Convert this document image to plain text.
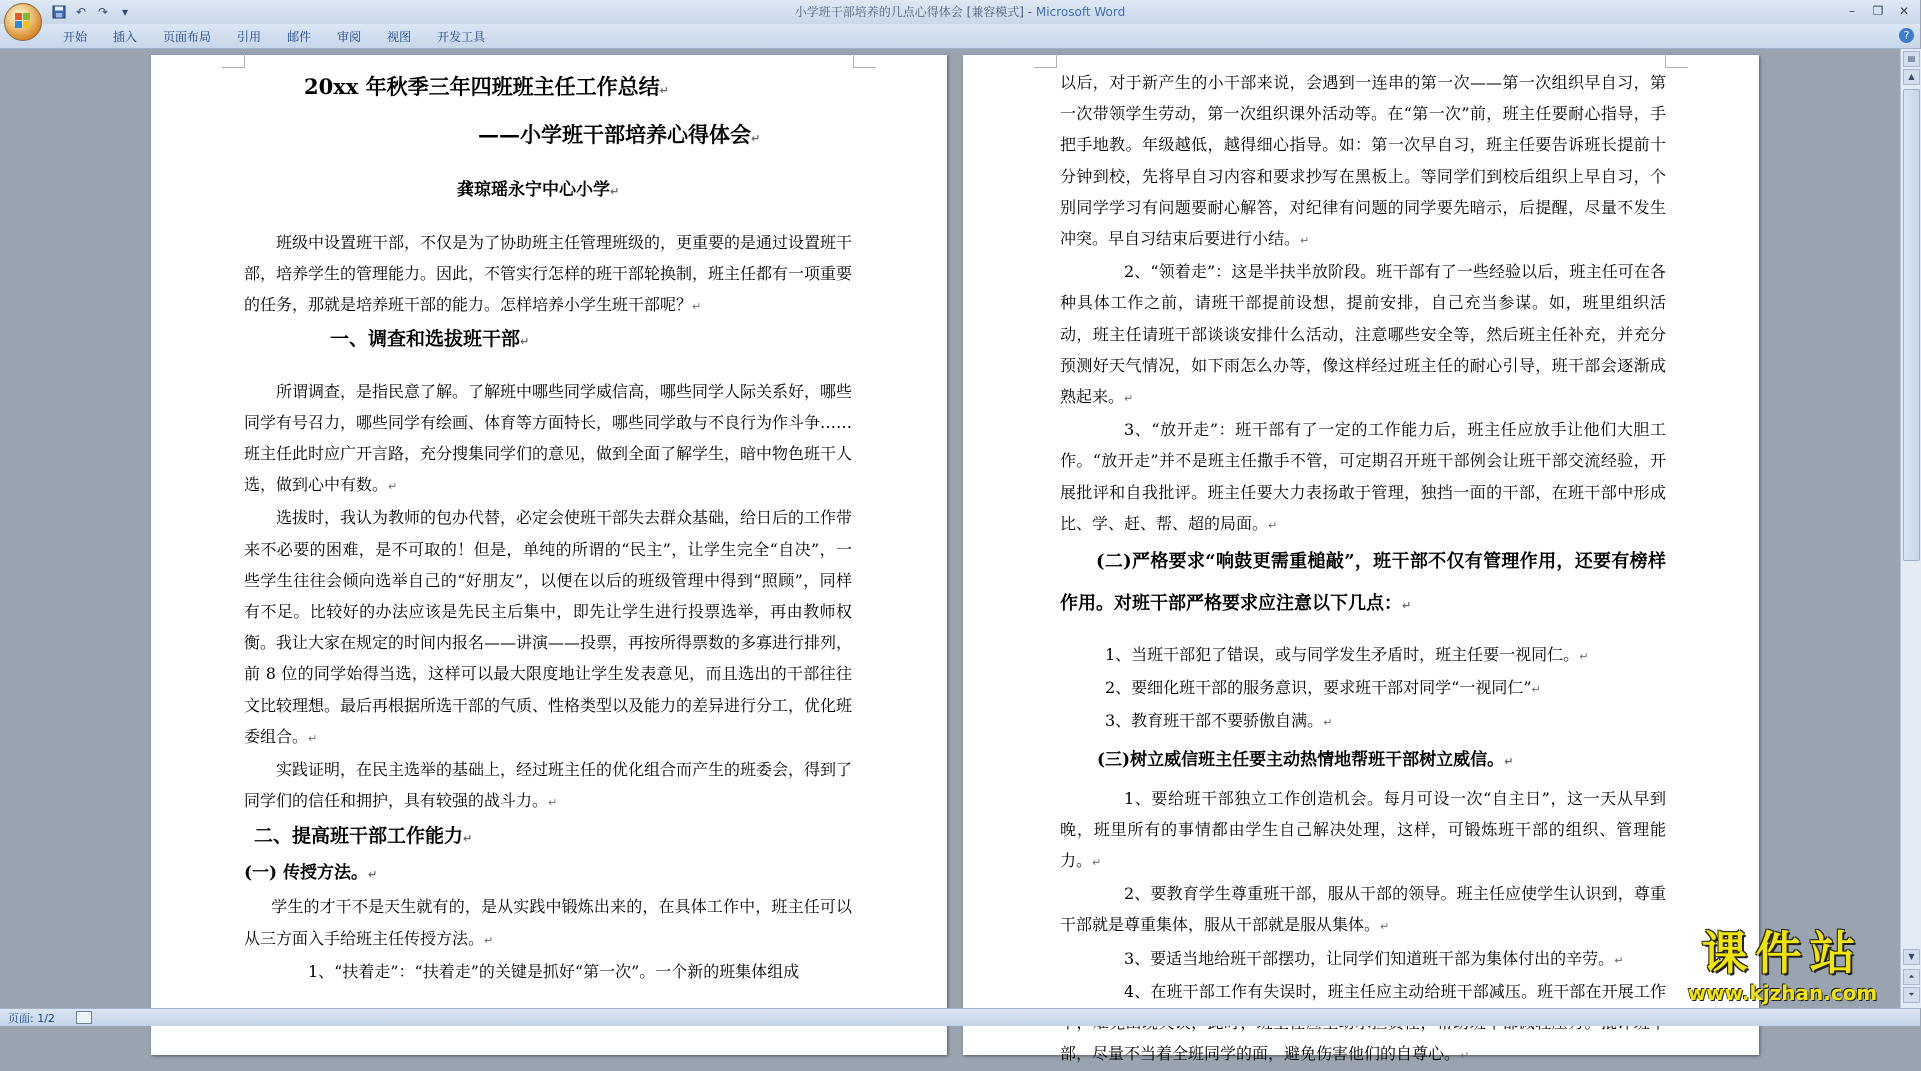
小学班干部培养的几点心得体会 [兼容模式] - Microsoft Word
↶ ↷	▾	–	❐	✕
开始	插入	页面布局	引用	邮件	审阅	视图	开发工具	?

20xx 年秋季三年四班班主任工作总结↵

——小学班干部培养心得体会↵

龚琼瑶永宁中心小学↵

班级中设置班干部，不仅是为了协助班主任管理班级的，更重要的是通过设置班干部，培养学生的管理能力。因此，不管实行怎样的班干部轮换制，班主任都有一项重要的任务，那就是培养班干部的能力。怎样培养小学生班干部呢？↵

一、调查和选拔班干部↵

所谓调查，是指民意了解。了解班中哪些同学威信高，哪些同学人际关系好，哪些同学有号召力，哪些同学有绘画、体育等方面特长，哪些同学敢与不良行为作斗争……班主任此时应广开言路，充分搜集同学们的意见，做到全面了解学生，暗中物色班干人选，做到心中有数。↵

选拔时，我认为教师的包办代替，必定会使班干部失去群众基础，给日后的工作带来不必要的困难，是不可取的！但是，单纯的所谓的“民主”，让学生完全“自决”，一些学生往往会倾向选举自己的“好朋友”，以便在以后的班级管理中得到“照顾”，同样有不足。比较好的办法应该是先民主后集中，即先让学生进行投票选举，再由教师权衡。我让大家在规定的时间内报名——讲演——投票，再按所得票数的多寡进行排列，前 8 位的同学始得当选，这样可以最大限度地让学生发表意见，而且选出的干部往往文比较理想。最后再根据所选干部的气质、性格类型以及能力的差异进行分工，优化班委组合。↵

实践证明，在民主选举的基础上，经过班主任的优化组合而产生的班委会，得到了同学们的信任和拥护，具有较强的战斗力。↵

二、提高班干部工作能力↵

(一) 传授方法。↵

学生的才干不是天生就有的，是从实践中锻炼出来的，在具体工作中，班主任可以从三方面入手给班主任传授方法。↵

1、“扶着走”：“扶着走”的关键是抓好“第一次”。一个新的班集体组成

以后，对于新产生的小干部来说，会遇到一连串的第一次——第一次组织早自习，第一次带领学生劳动，第一次组织课外活动等。在“第一次”前，班主任要耐心指导，手把手地教。年级越低，越得细心指导。如：第一次早自习，班主任要告诉班长提前十分钟到校，先将早自习内容和要求抄写在黑板上。等同学们到校后组织上早自习，个别同学学习有问题要耐心解答，对纪律有问题的同学要先暗示，后提醒，尽量不发生冲突。早自习结束后要进行小结。↵

2、“领着走”：这是半扶半放阶段。班干部有了一些经验以后，班主任可在各种具体工作之前，请班干部提前设想，提前安排，自己充当参谋。如，班里组织活动，班主任请班干部谈谈安排什么活动，注意哪些安全等，然后班主任补充，并充分预测好天气情况，如下雨怎么办等，像这样经过班主任的耐心引导，班干部会逐渐成熟起来。↵

3、“放开走”：班干部有了一定的工作能力后，班主任应放手让他们大胆工作。“放开走”并不是班主任撒手不管，可定期召开班干部例会让班干部交流经验，开展批评和自我批评。班主任要大力表扬敢于管理，独挡一面的干部，在班干部中形成比、学、赶、帮、超的局面。↵

(二)严格要求“响鼓更需重槌敲”，班干部不仅有管理作用，还要有榜样作用。对班干部严格要求应注意以下几点：↵

1、当班干部犯了错误，或与同学发生矛盾时，班主任要一视同仁。↵

2、要细化班干部的服务意识，要求班干部对同学“一视同仁”↵

3、教育班干部不要骄傲自满。↵

(三)树立威信班主任要主动热情地帮班干部树立威信。↵

1、要给班干部独立工作创造机会。每月可设一次“自主日”，这一天从早到晚，班里所有的事情都由学生自己解决处理，这样，可锻炼班干部的组织、管理能力。↵

2、要教育学生尊重班干部，服从干部的领导。班主任应使学生认识到，尊重干部就是尊重集体，服从干部就是服从集体。↵

3、要适当地给班干部摆功，让同学们知道班干部为集体付出的辛劳。↵

4、在班干部工作有失误时，班主任应主动给班干部减压。班干部在开展工作 部，尽量不当着全班同学的面，避免伤害他们的自尊心。↵

▤
▲
▼
⏶
⏷
页面: 1/2
课件站
www.kjzhan.com
